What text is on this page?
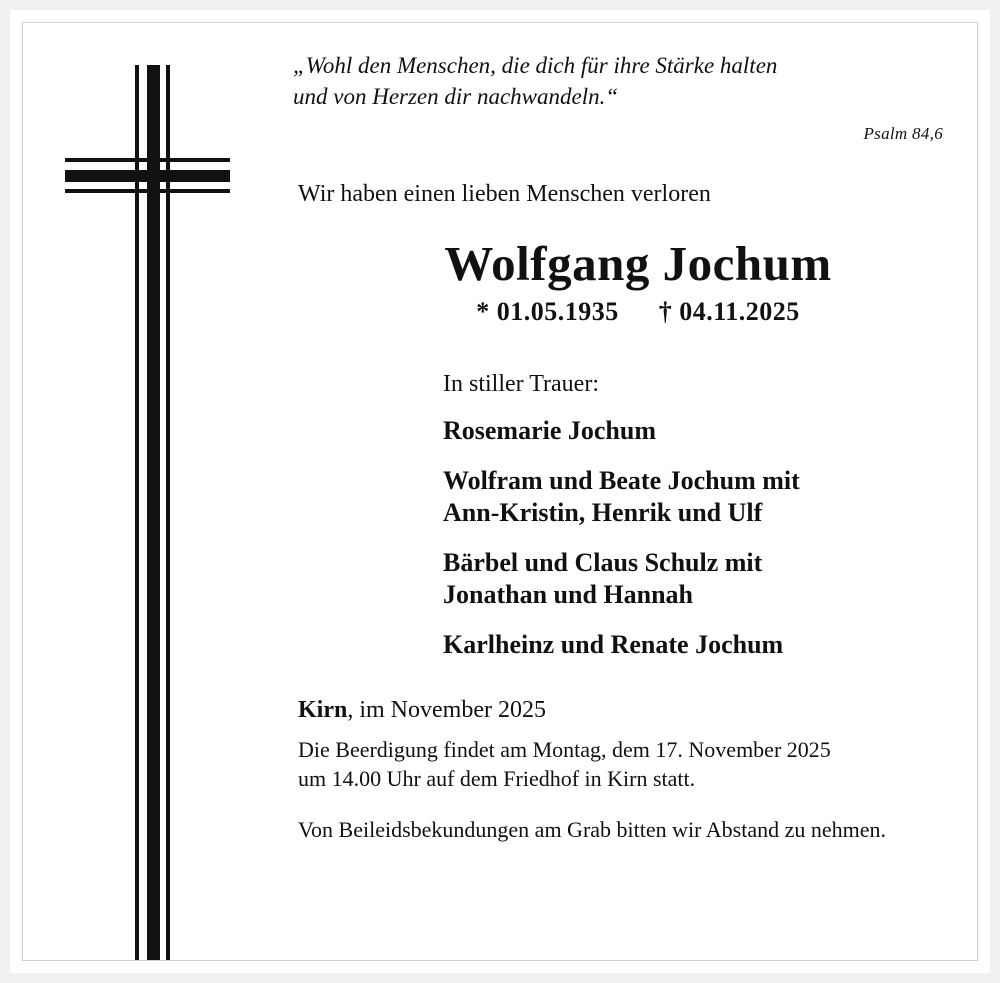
„Wohl den Menschen, die dich für ihre Stärke halten
und von Herzen dir nachwandeln.“
Psalm 84,6
Wir haben einen lieben Menschen verloren
Wolfgang Jochum
* 01.05.1935 † 04.11.2025
In stiller Trauer:
Rosemarie Jochum
Wolfram und Beate Jochum mit
Ann-Kristin, Henrik und Ulf
Bärbel und Claus Schulz mit
Jonathan und Hannah
Karlheinz und Renate Jochum
Kirn, im November 2025
Die Beerdigung findet am Montag, dem 17. November 2025
um 14.00 Uhr auf dem Friedhof in Kirn statt.
Von Beileidsbekundungen am Grab bitten wir Abstand zu nehmen.
